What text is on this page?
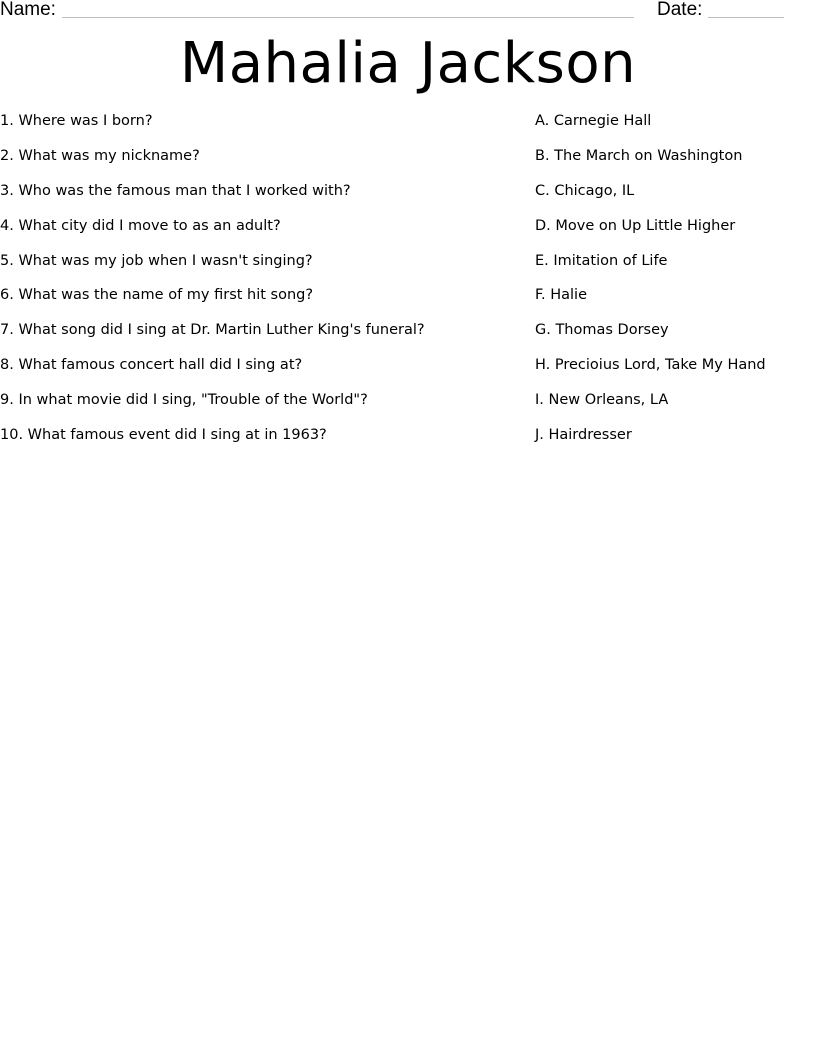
Name:	Date:
Mahalia Jackson
1. Where was I born?
2. What was my nickname?
3. Who was the famous man that I worked with?
4. What city did I move to as an adult?
5. What was my job when I wasn't singing?
6. What was the name of my first hit song?
7. What song did I sing at Dr. Martin Luther King's funeral?
8. What famous concert hall did I sing at?
9. In what movie did I sing, "Trouble of the World"?
10. What famous event did I sing at in 1963?
A. Carnegie Hall
B. The March on Washington
C. Chicago, IL
D. Move on Up Little Higher
E. Imitation of Life
F. Halie
G. Thomas Dorsey
H. Precioius Lord, Take My Hand
I. New Orleans, LA
J. Hairdresser
